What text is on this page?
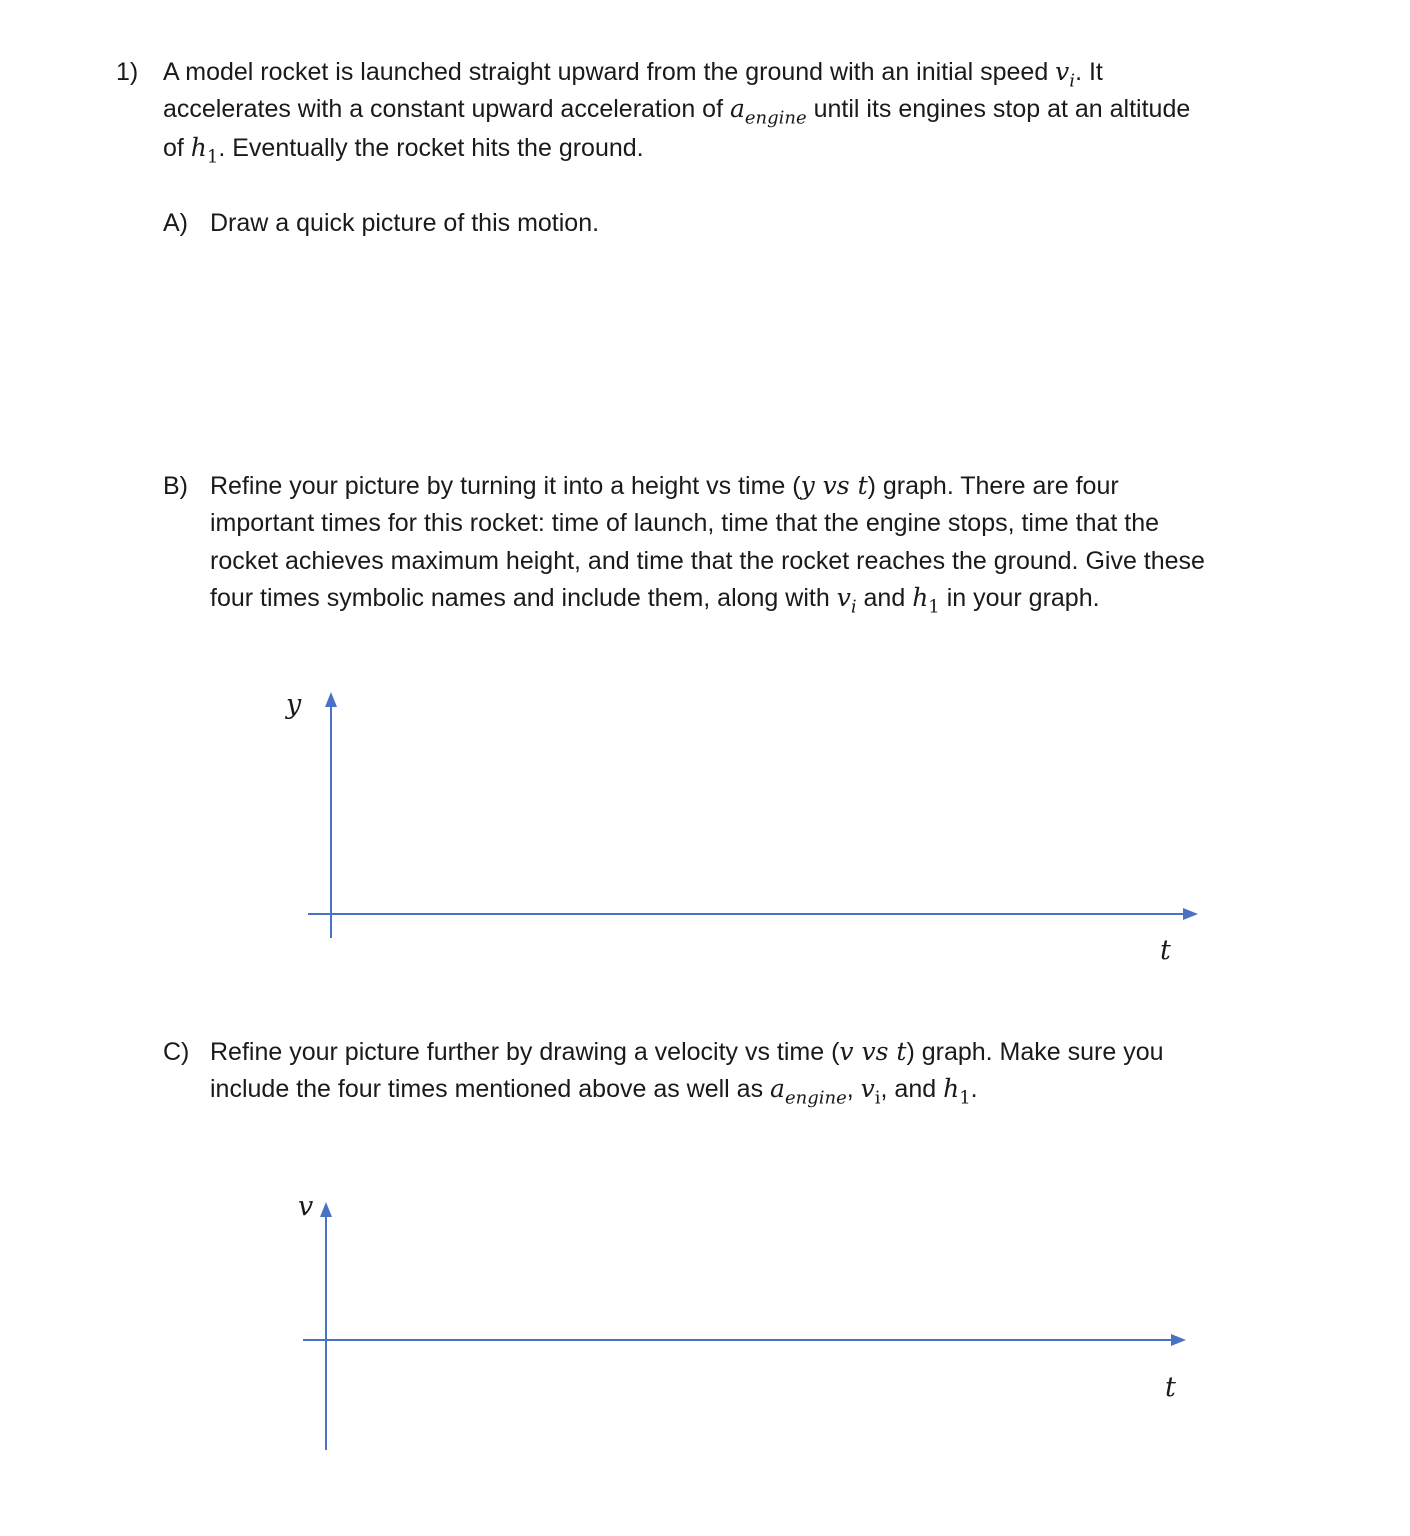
1) A model rocket is launched straight upward from the ground with an initial speed $v_i$. It
accelerates with a constant upward acceleration of $a_{engine}$ until its engines stop at an altitude
of $h_1$. Eventually the rocket hits the ground.
A) Draw a quick picture of this motion.
B) Refine your picture by turning it into a height vs time (y vs t) graph. There are four
important times for this rocket: time of launch, time that the engine stops, time that the
rocket achieves maximum height, and time that the rocket reaches the ground. Give these
four times symbolic names and include them, along with $v_i$ and $h_1$ in your graph.
y
t
C) Refine your picture further by drawing a velocity vs time (v vs t) graph. Make sure you
include the four times mentioned above as well as $a_{engine}$, $v_i$, and $h_1$.
v
t
